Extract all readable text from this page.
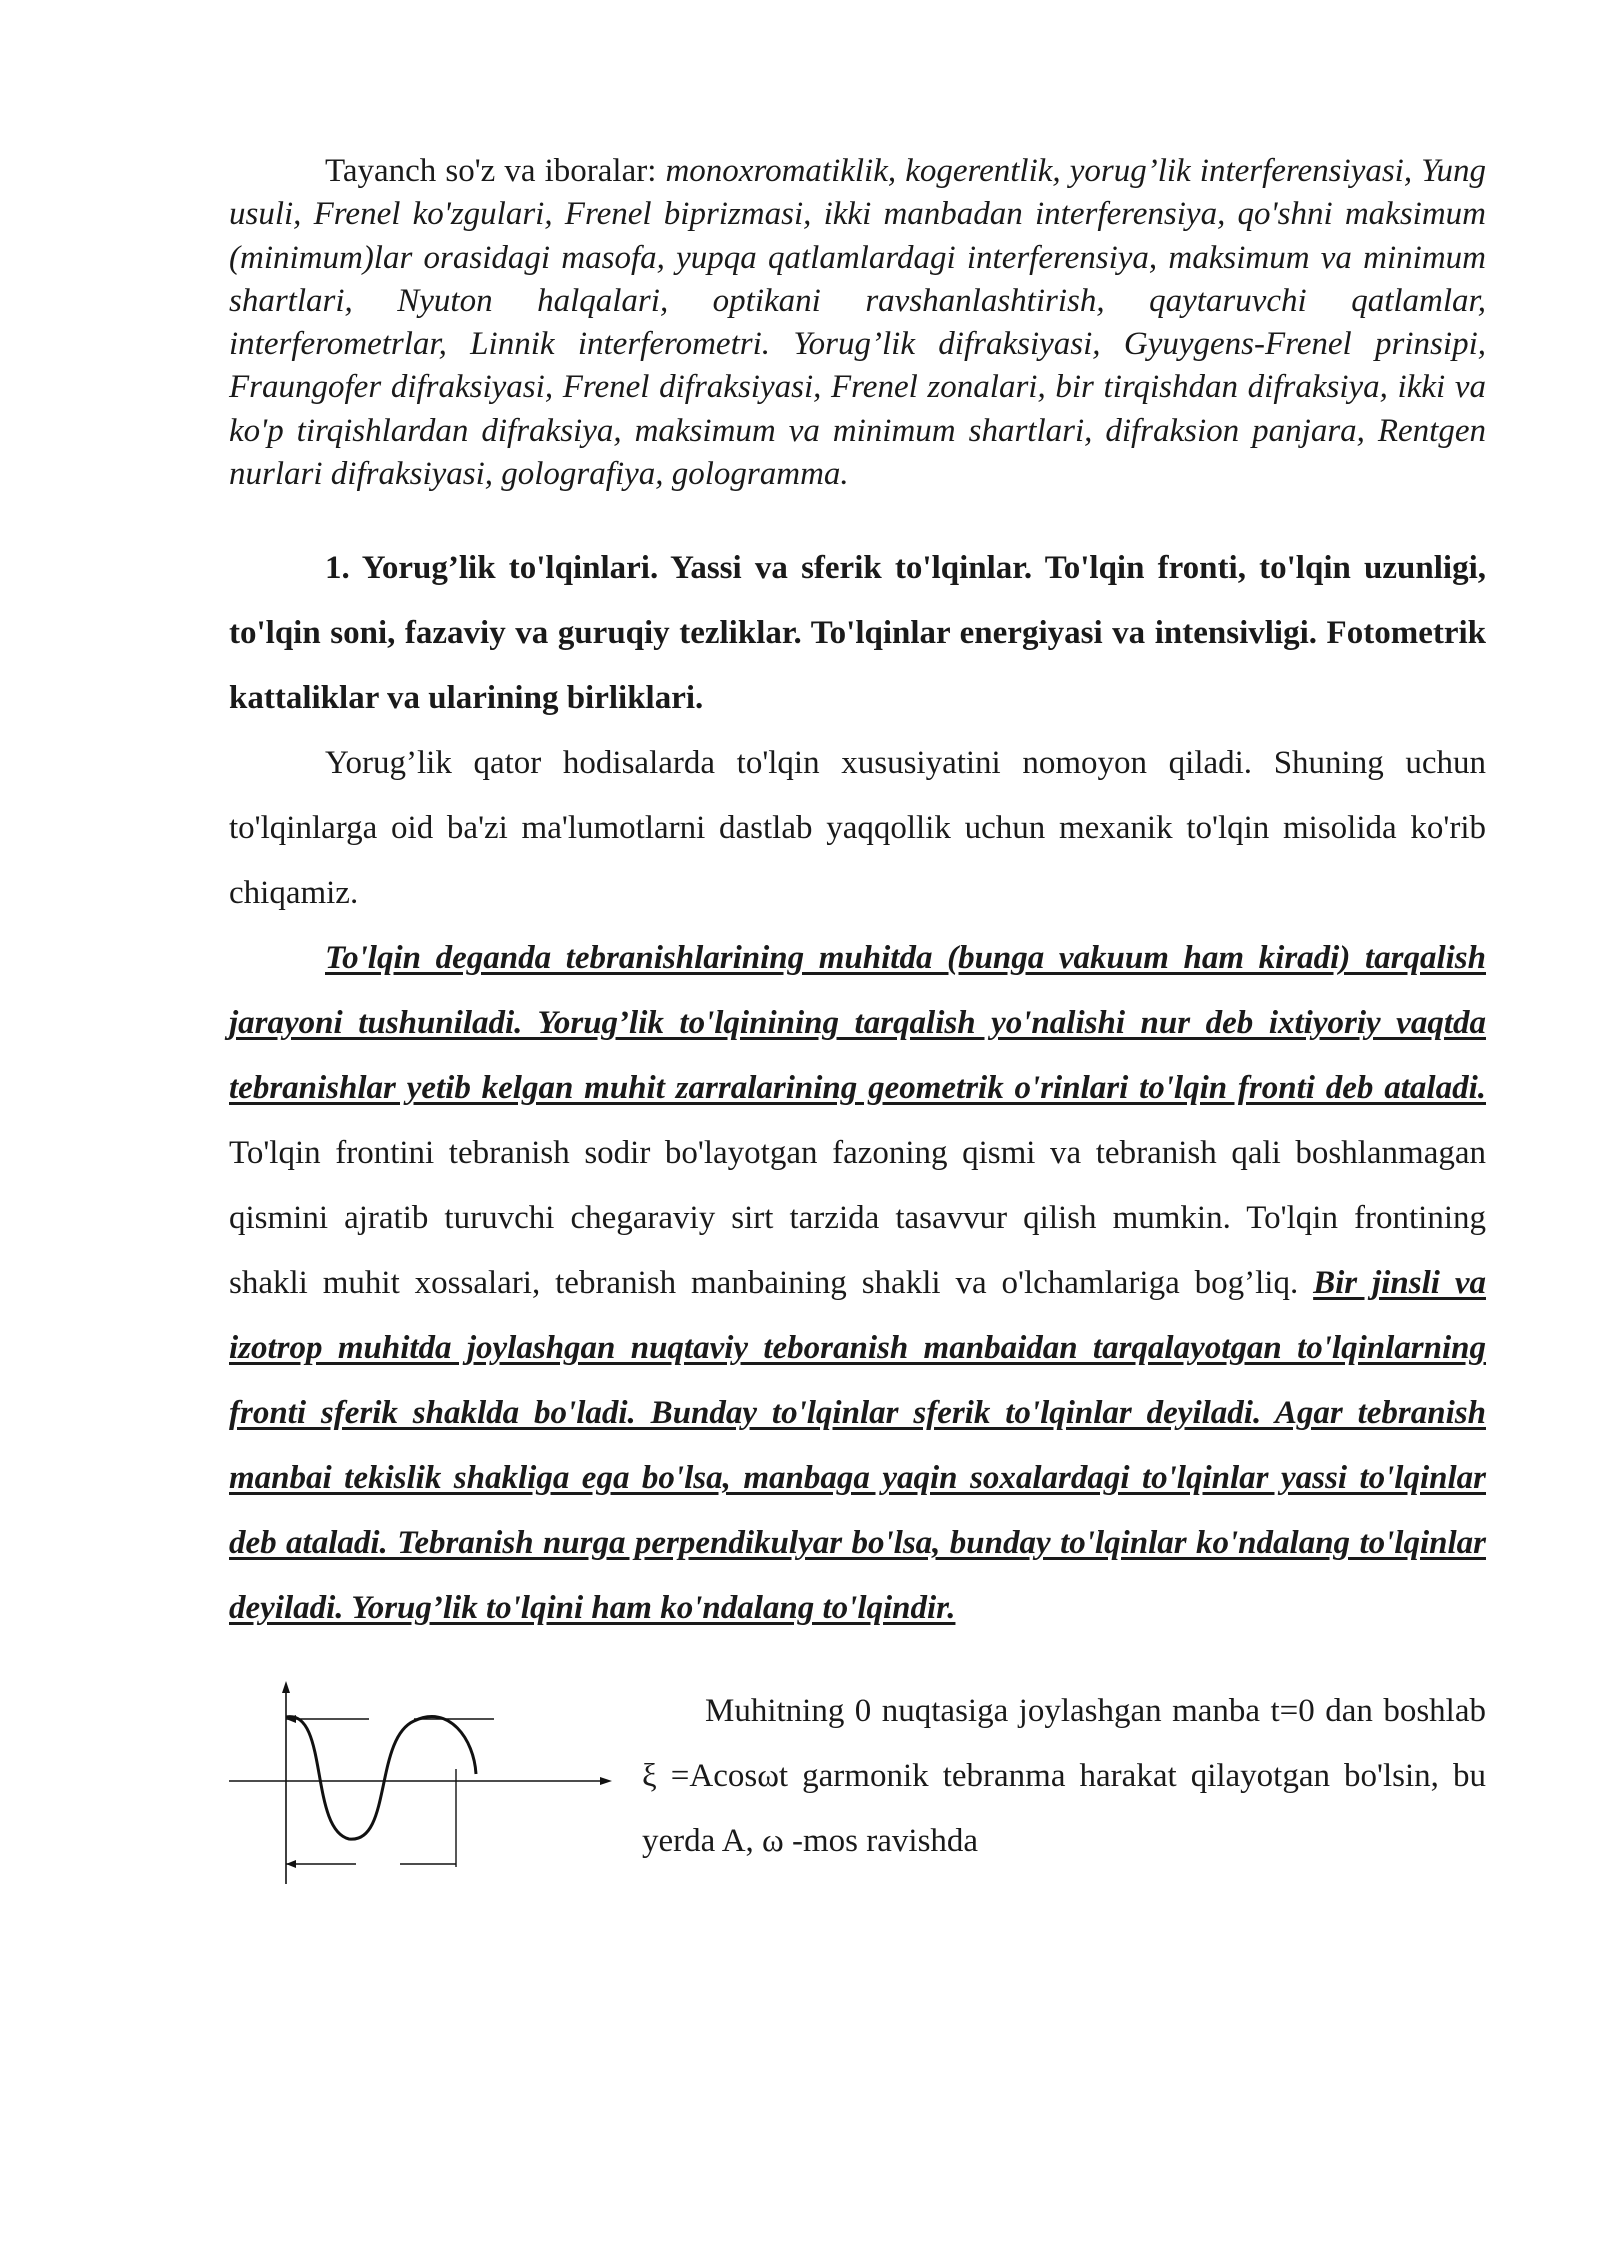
Tayanch so'z va iboralar: monoxromatiklik, kogerentlik, yorug’lik interferensiyasi, Yung usuli, Frenel ko'zgulari, Frenel biprizmasi, ikki manbadan interferensiya, qo'shni maksimum (minimum)lar orasidagi masofa, yupqa qatlamlardagi interferensiya, maksimum va minimum shartlari, Nyuton halqalari, optikani ravshanlashtirish, qaytaruvchi qatlamlar, interferometrlar, Linnik interferometri. Yorug’lik difraksiyasi, Gyuygens-Frenel prinsipi, Fraungofer difraksiyasi, Frenel difraksiyasi, Frenel zonalari, bir tirqishdan difraksiya, ikki va ko'p tirqishlardan difraksiya, maksimum va minimum shartlari, difraksion panjara, Rentgen nurlari difraksiyasi, golografiya, gologramma.

1. Yorug’lik to'lqinlari. Yassi va sferik to'lqinlar. To'lqin fronti, to'lqin uzunligi, to'lqin soni, fazaviy va guruqiy tezliklar. To'lqinlar energiyasi va intensivligi. Fotometrik kattaliklar va ularining birliklari.

Yorug’lik qator hodisalarda to'lqin xususiyatini nomoyon qiladi. Shuning uchun to'lqinlarga oid ba'zi ma'lumotlarni dastlab yaqqollik uchun mexanik to'lqin misolida ko'rib chiqamiz.

To'lqin deganda tebranishlarining muhitda (bunga vakuum ham kiradi) tarqalish jarayoni tushuniladi. Yorug’lik to'lqinining tarqalish yo'nalishi nur deb ixtiyoriy vaqtda tebranishlar yetib kelgan muhit zarralarining geometrik o'rinlari to'lqin fronti deb ataladi. To'lqin frontini tebranish sodir bo'layotgan fazoning qismi va tebranish qali boshlanmagan qismini ajratib turuvchi chegaraviy sirt tarzida tasavvur qilish mumkin. To'lqin frontining shakli muhit xossalari, tebranish manbaining shakli va o'lchamlariga bog’liq. Bir jinsli va izotrop muhitda joylashgan nuqtaviy teboranish manbaidan tarqalayotgan to'lqinlarning fronti sferik shaklda bo'ladi. Bunday to'lqinlar sferik to'lqinlar deyiladi. Agar tebranish manbai tekislik shakliga ega bo'lsa, manbaga yaqin soxalardagi to'lqinlar yassi to'lqinlar deb ataladi. Tebranish nurga perpendikulyar bo'lsa, bunday to'lqinlar ko'ndalang to'lqinlar deyiladi. Yorug’lik to'lqini ham ko'ndalang to'lqindir.

Muhitning 0 nuqtasiga joylashgan manba t=0 dan boshlab ξ =Acosωt garmonik tebranma harakat qilayotgan bo'lsin, bu yerda A, ω -mos ravishda
